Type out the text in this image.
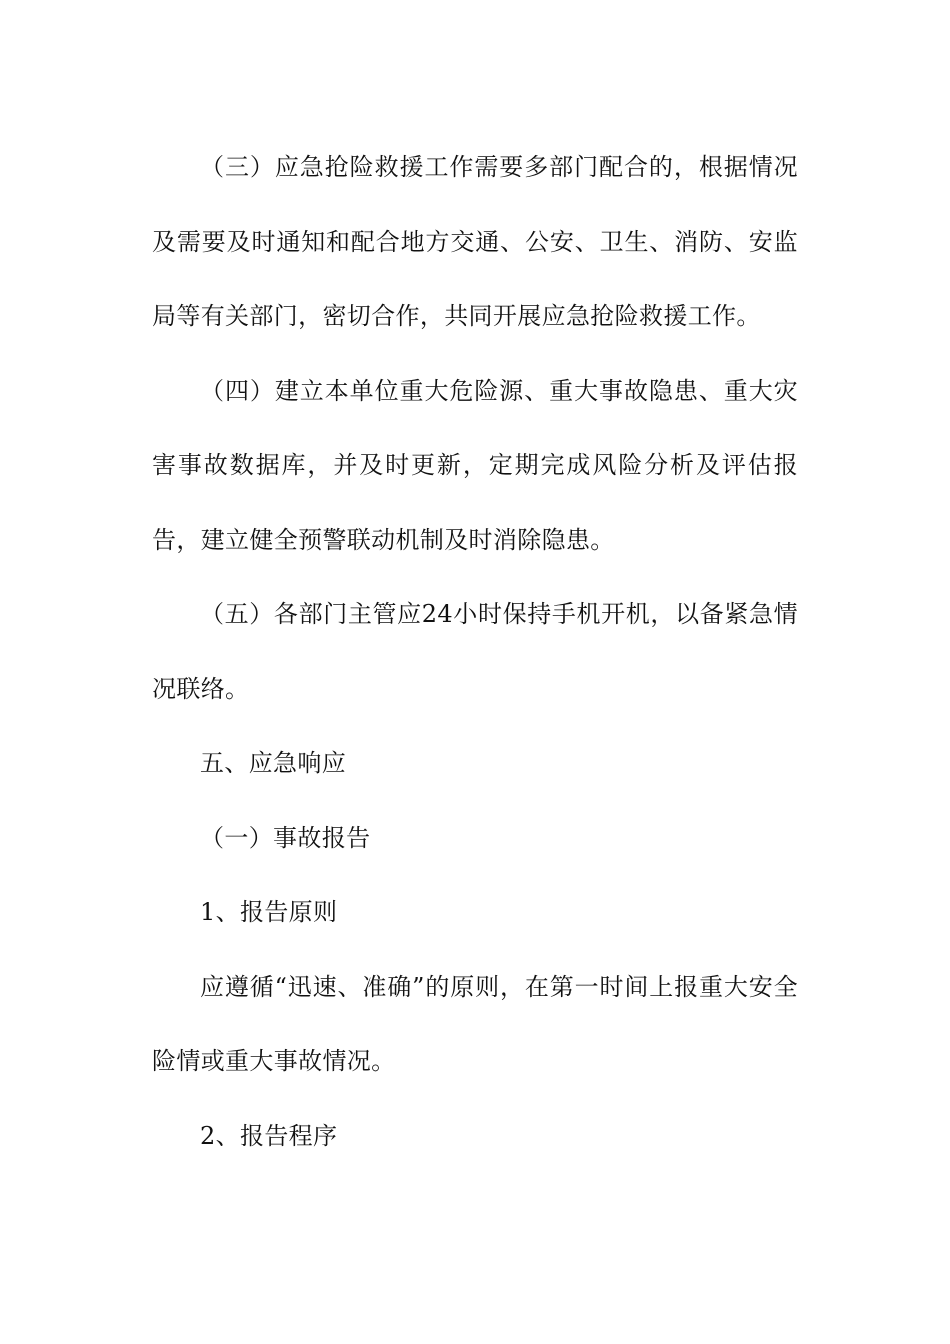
（三）应急抢险救援工作需要多部门配合的，根据情况及需要及时通知和配合地方交通、公安、卫生、消防、安监局等有关部门，密切合作，共同开展应急抢险救援工作。

（四）建立本单位重大危险源、重大事故隐患、重大灾害事故数据库，并及时更新，定期完成风险分析及评估报告，建立健全预警联动机制及时消除隐患。

（五）各部门主管应24小时保持手机开机，以备紧急情况联络。

五、应急响应

（一）事故报告

1、报告原则

应遵循“迅速、准确”的原则，在第一时间上报重大安全险情或重大事故情况。

2、报告程序
